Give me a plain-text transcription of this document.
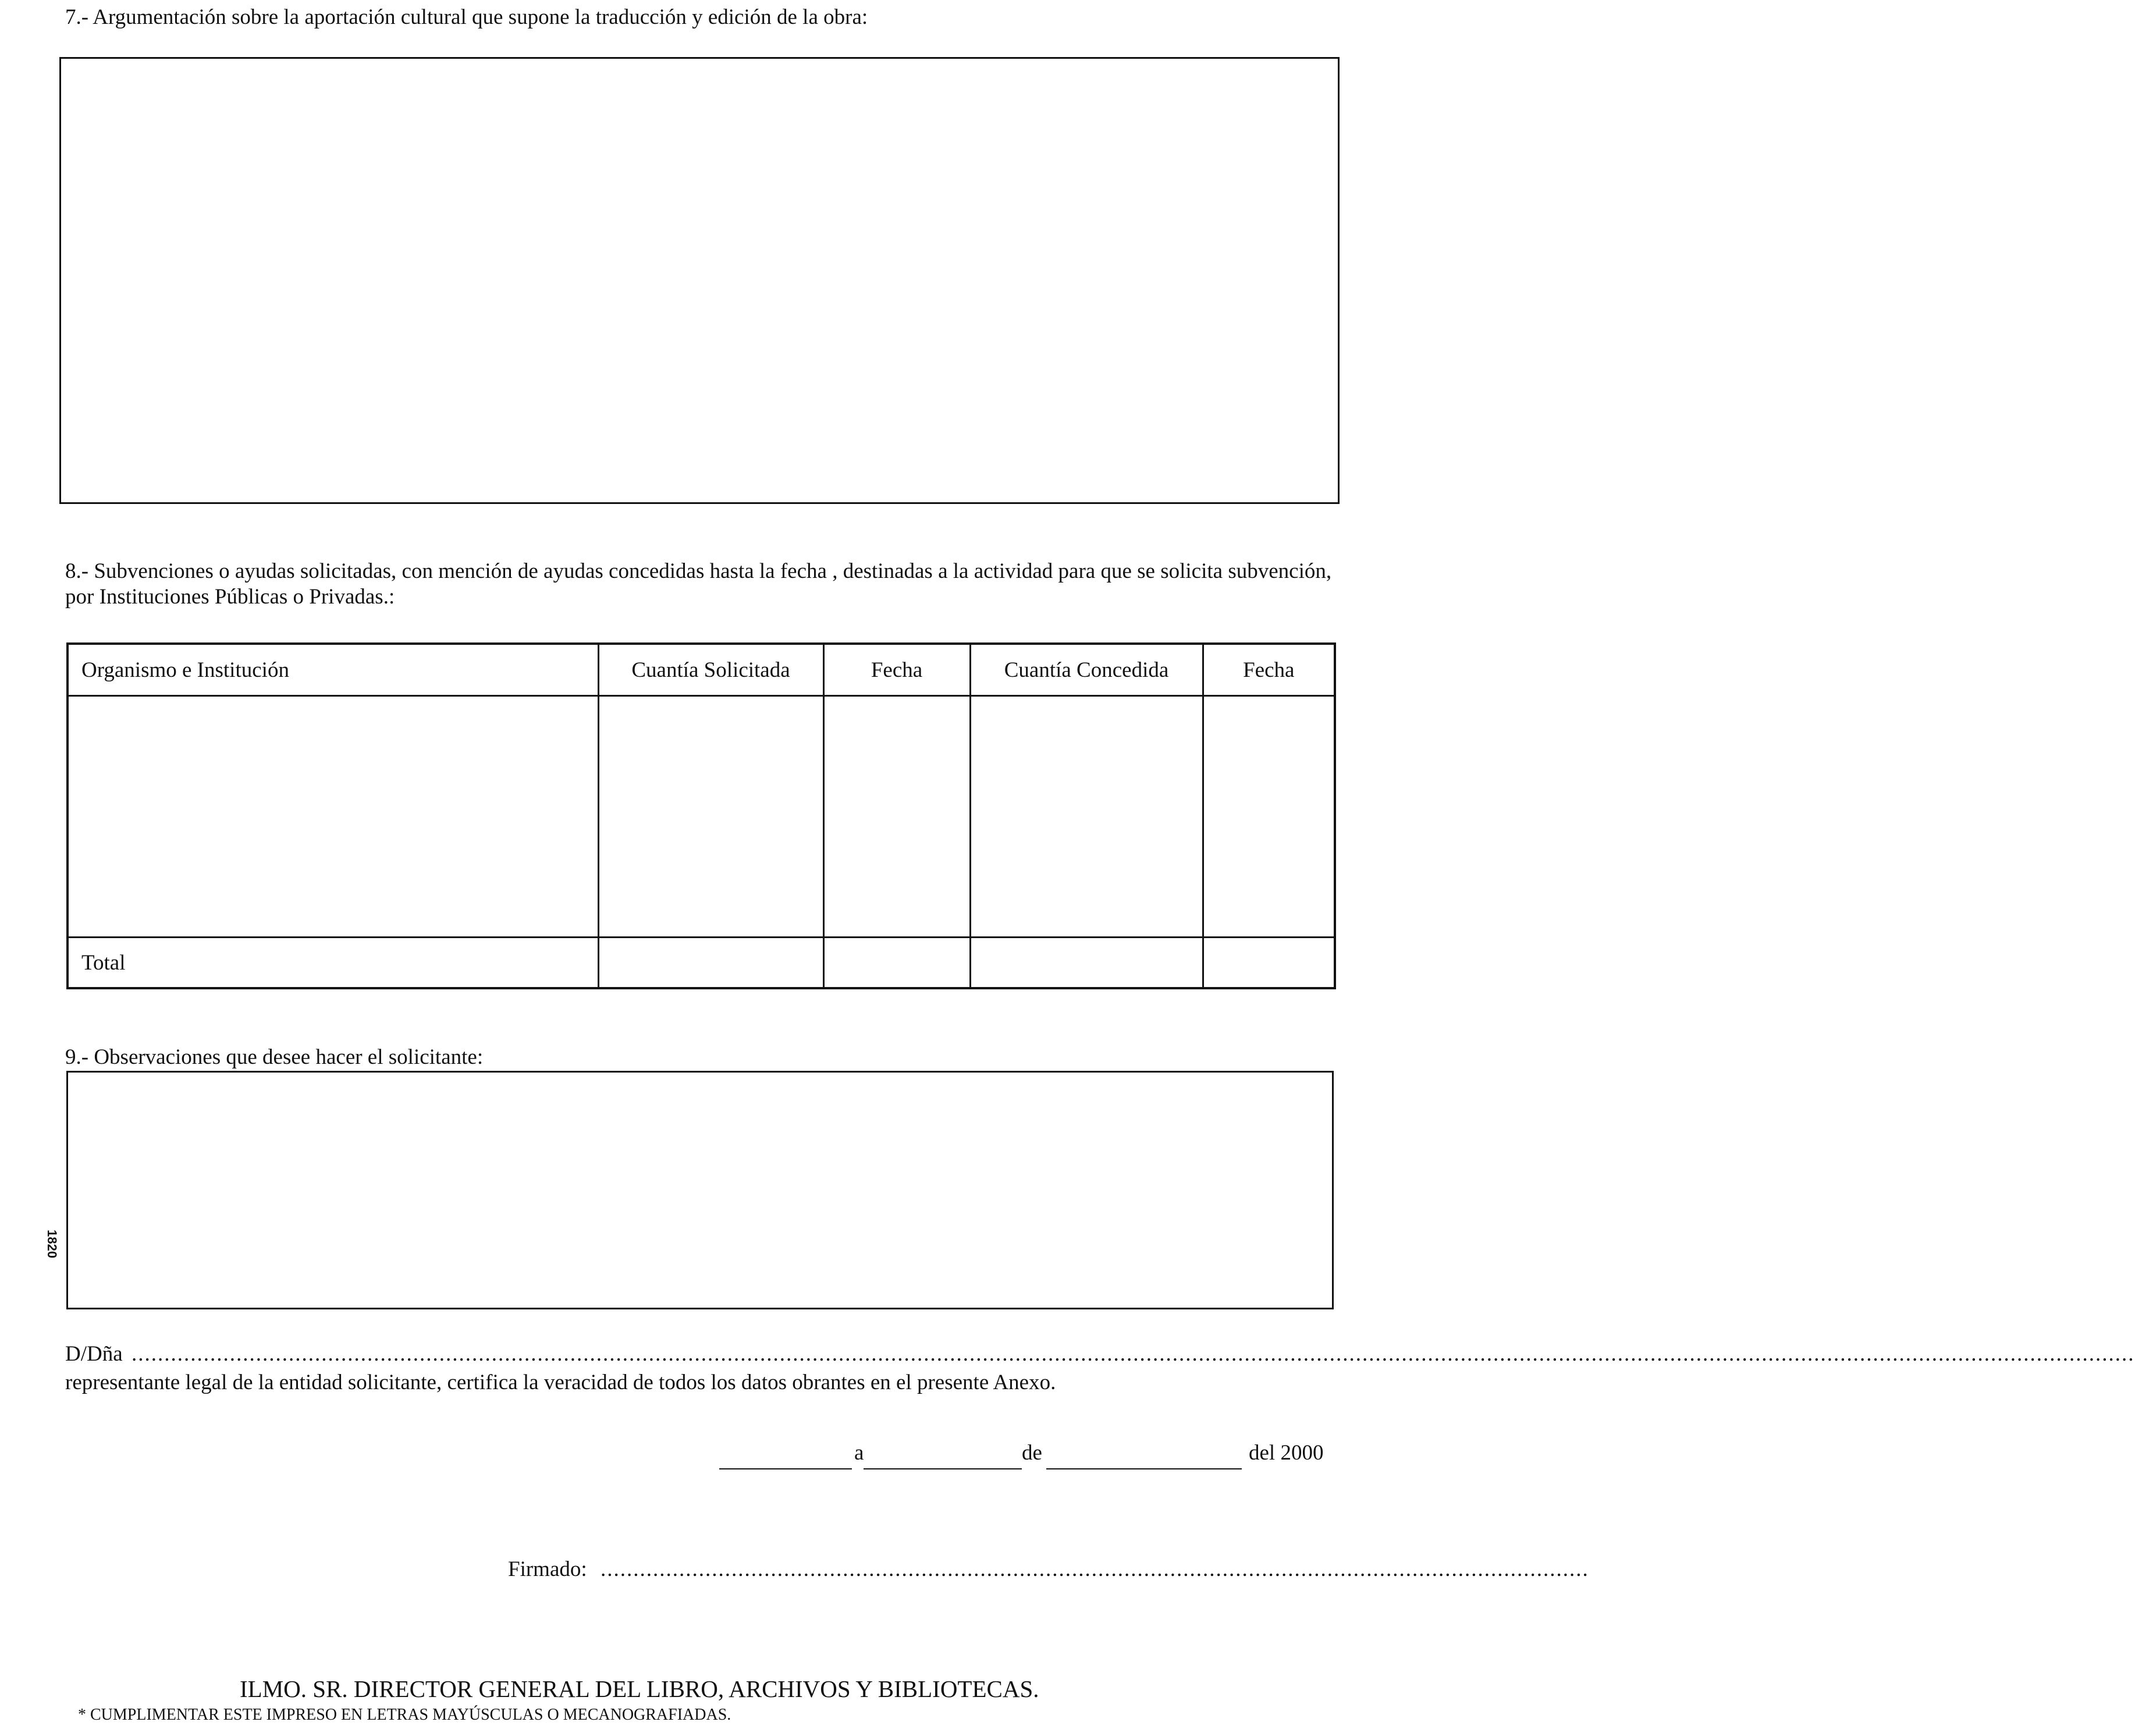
7.- Argumentación sobre la aportación cultural que supone la traducción y edición de la obra:
8.- Subvenciones o ayudas solicitadas, con mención de ayudas concedidas hasta la fecha , destinadas a la actividad para que se solicita subvención, por Instituciones Públicas o Privadas.:
Organismo e Institución	Cuantía Solicitada	Fecha	Cuantía Concedida	Fecha

Total				
9.- Observaciones que desee hacer el solicitante:
1820
D/Dña ..................................................................................................................................................................................................................................................................................................................
representante legal de la entidad solicitante, certifica la veracidad de todos los datos obrantes en el presente Anexo.
a	de	del 2000
Firmado: .......................................................................................................................................................
ILMO. SR. DIRECTOR GENERAL DEL LIBRO, ARCHIVOS Y BIBLIOTECAS.
* CUMPLIMENTAR ESTE IMPRESO EN LETRAS MAYÚSCULAS O MECANOGRAFIADAS.
